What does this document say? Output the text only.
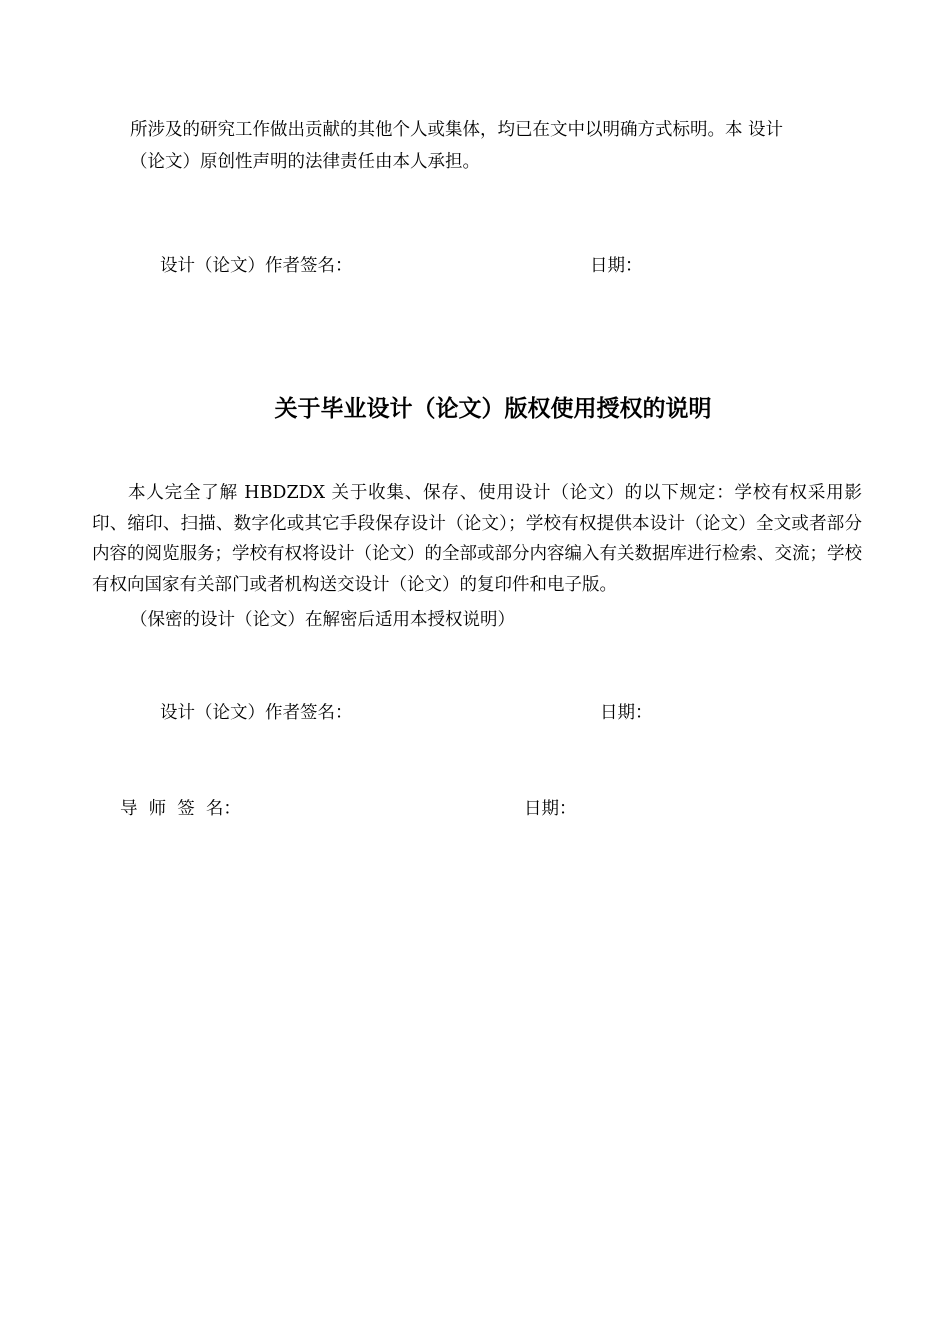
所涉及的研究工作做出贡献的其他个人或集体，均已在文中以明确方式标明。本 设计
（论文）原创性声明的法律责任由本人承担。
设计（论文）作者签名：	日期：
关于毕业设计（论文）版权使用授权的说明

本人完全了解 HBDZDX 关于收集、保存、使用设计（论文）的以下规定：学校有权采用影印、缩印、扫描、数字化或其它手段保存设计（论文）；学校有权提供本设计（论文）全文或者部分内容的阅览服务；学校有权将设计（论文）的全部或部分内容编入有关数据库进行检索、交流；学校有权向国家有关部门或者机构送交设计（论文）的复印件和电子版。

（保密的设计（论文）在解密后适用本授权说明）
设计（论文）作者签名：	日期：
导  师  签  名：	日期：
